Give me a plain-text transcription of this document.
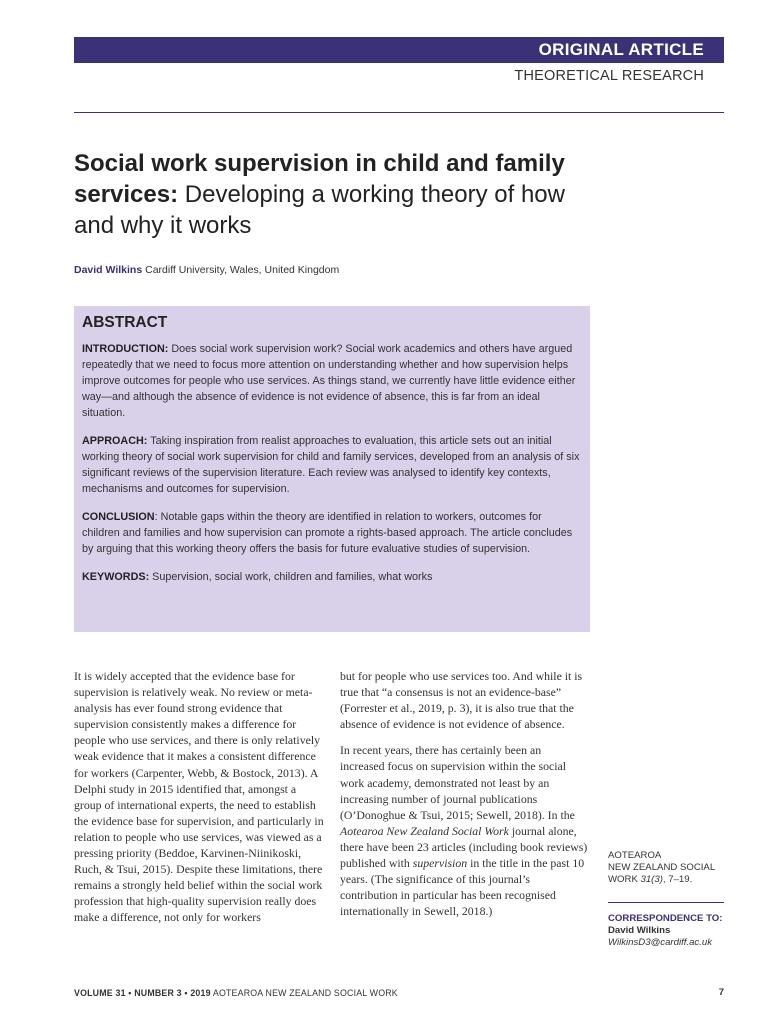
ORIGINAL ARTICLE
THEORETICAL RESEARCH
Social work supervision in child and family services: Developing a working theory of how and why it works
David Wilkins Cardiff University, Wales, United Kingdom
ABSTRACT

INTRODUCTION: Does social work supervision work? Social work academics and others have argued repeatedly that we need to focus more attention on understanding whether and how supervision helps improve outcomes for people who use services. As things stand, we currently have little evidence either way—and although the absence of evidence is not evidence of absence, this is far from an ideal situation.

APPROACH: Taking inspiration from realist approaches to evaluation, this article sets out an initial working theory of social work supervision for child and family services, developed from an analysis of six significant reviews of the supervision literature. Each review was analysed to identify key contexts, mechanisms and outcomes for supervision.

CONCLUSION: Notable gaps within the theory are identified in relation to workers, outcomes for children and families and how supervision can promote a rights-based approach. The article concludes by arguing that this working theory offers the basis for future evaluative studies of supervision.

KEYWORDS: Supervision, social work, children and families, what works

It is widely accepted that the evidence base for supervision is relatively weak. No review or meta-analysis has ever found strong evidence that supervision consistently makes a difference for people who use services, and there is only relatively weak evidence that it makes a consistent difference for workers (Carpenter, Webb, & Bostock, 2013). A Delphi study in 2015 identified that, amongst a group of international experts, the need to establish the evidence base for supervision, and particularly in relation to people who use services, was viewed as a pressing priority (Beddoe, Karvinen-Niinikoski, Ruch, & Tsui, 2015). Despite these limitations, there remains a strongly held belief within the social work profession that high-quality supervision really does make a difference, not only for workers

but for people who use services too. And while it is true that “a consensus is not an evidence-base” (Forrester et al., 2019, p. 3), it is also true that the absence of evidence is not evidence of absence.

In recent years, there has certainly been an increased focus on supervision within the social work academy, demonstrated not least by an increasing number of journal publications (O’Donoghue & Tsui, 2015; Sewell, 2018). In the Aotearoa New Zealand Social Work journal alone, there have been 23 articles (including book reviews) published with supervision in the title in the past 10 years. (The significance of this journal’s contribution in particular has been recognised internationally in Sewell, 2018.)

AOTEAROA
NEW ZEALAND SOCIAL
WORK 31(3), 7–19.
CORRESPONDENCE TO:
David Wilkins
WilkinsD3@cardiff.ac.uk
VOLUME 31 • NUMBER 3 • 2019 AOTEAROA NEW ZEALAND SOCIAL WORK	7
